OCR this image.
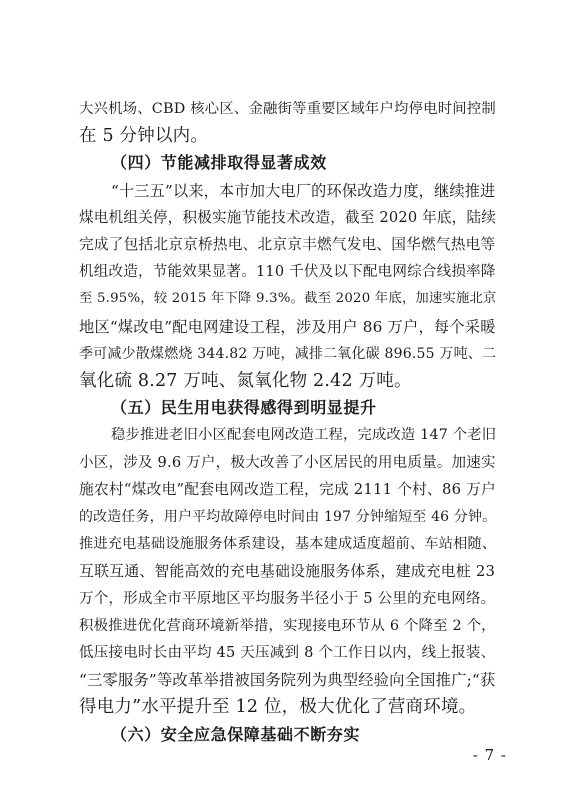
大兴机场、CBD 核心区、金融街等重要区域年户均停电时间控制
在 5 分钟以内。
（四）节能减排取得显著成效
“十三五”以来，本市加大电厂的环保改造力度，继续推进
煤电机组关停，积极实施节能技术改造，截至 2020 年底，陆续
完成了包括北京京桥热电、北京京丰燃气发电、国华燃气热电等
机组改造，节能效果显著。110 千伏及以下配电网综合线损率降
至 5.95%，较 2015 年下降 9.3%。截至 2020 年底，加速实施北京
地区“煤改电”配电网建设工程，涉及用户 86 万户，每个采暖
季可减少散煤燃烧 344.82 万吨，减排二氧化碳 896.55 万吨、二
氧化硫 8.27 万吨、氮氧化物 2.42 万吨。
（五）民生用电获得感得到明显提升
稳步推进老旧小区配套电网改造工程，完成改造 147 个老旧
小区，涉及 9.6 万户，极大改善了小区居民的用电质量。加速实
施农村“煤改电”配套电网改造工程，完成 2111 个村、86 万户
的改造任务，用户平均故障停电时间由 197 分钟缩短至 46 分钟。
推进充电基础设施服务体系建设，基本建成适度超前、车站相随、
互联互通、智能高效的充电基础设施服务体系，建成充电桩 23
万个，形成全市平原地区平均服务半径小于 5 公里的充电网络。
积极推进优化营商环境新举措，实现接电环节从 6 个降至 2 个，
低压接电时长由平均 45 天压减到 8 个工作日以内，线上报装、
“三零服务”等改革举措被国务院列为典型经验向全国推广;“获
得电力”水平提升至 12 位，极大优化了营商环境。
（六）安全应急保障基础不断夯实
- 7 -
